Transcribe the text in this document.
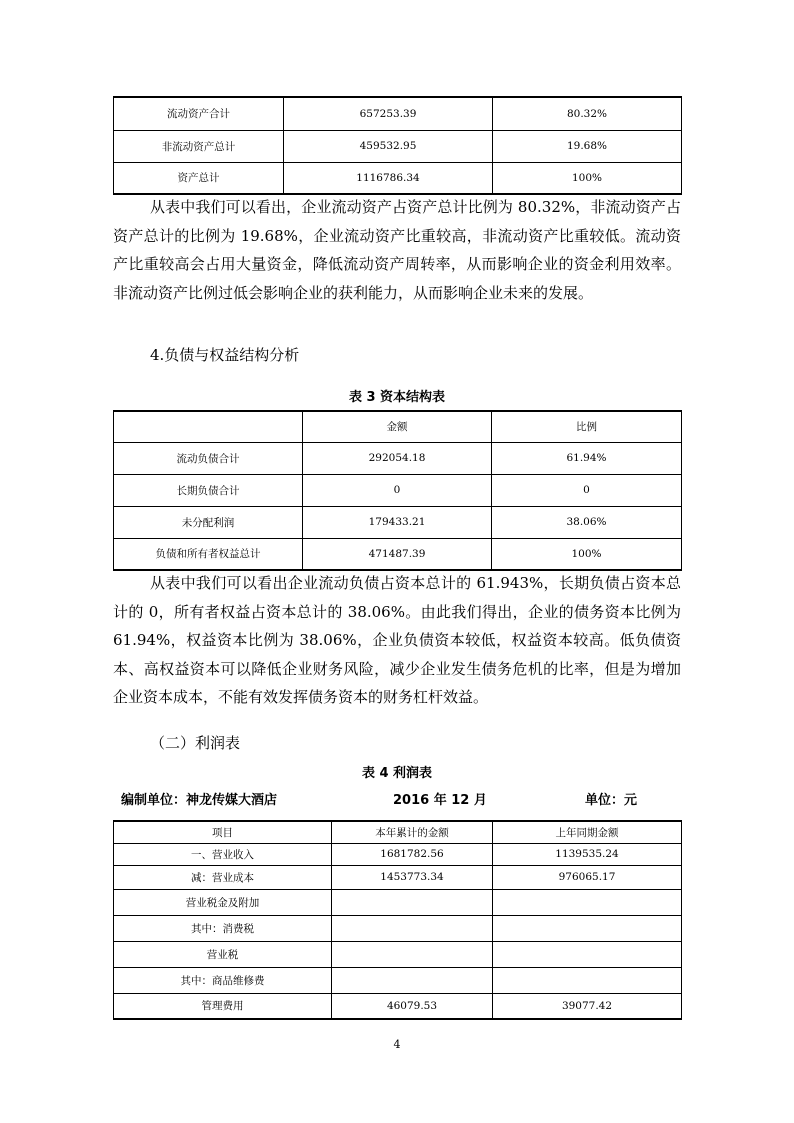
流动资产合计	657253.39	80.32%
非流动资产总计	459532.95	19.68%
资产总计	1116786.34	100%

从表中我们可以看出，企业流动资产占资产总计比例为 80.32%，非流动资产占资产总计的比例为 19.68%，企业流动资产比重较高，非流动资产比重较低。流动资产比重较高会占用大量资金，降低流动资产周转率，从而影响企业的资金利用效率。非流动资产比例过低会影响企业的获利能力，从而影响企业未来的发展。

4.负债与权益结构分析

表 3 资本结构表

	金额	比例
流动负债合计	292054.18	61.94%
长期负债合计	0	0
未分配利润	179433.21	38.06%
负债和所有者权益总计	471487.39	100%

从表中我们可以看出企业流动负债占资本总计的 61.943%，长期负债占资本总计的 0，所有者权益占资本总计的 38.06%。由此我们得出，企业的债务资本比例为 61.94%，权益资本比例为 38.06%，企业负债资本较低，权益资本较高。低负债资本、高权益资本可以降低企业财务风险，减少企业发生债务危机的比率，但是为增加企业资本成本，不能有效发挥债务资本的财务杠杆效益。

（二）利润表

表 4 利润表

编制单位：神龙传媒大酒店	2016 年 12 月	单位：元
项目	本年累计的金额	上年同期金额
一、营业收入	1681782.56	1139535.24
减：营业成本	1453773.34	976065.17
营业税金及附加		
其中：消费税		
营业税		
其中：商品维修费		
管理费用	46079.53	39077.42
4
